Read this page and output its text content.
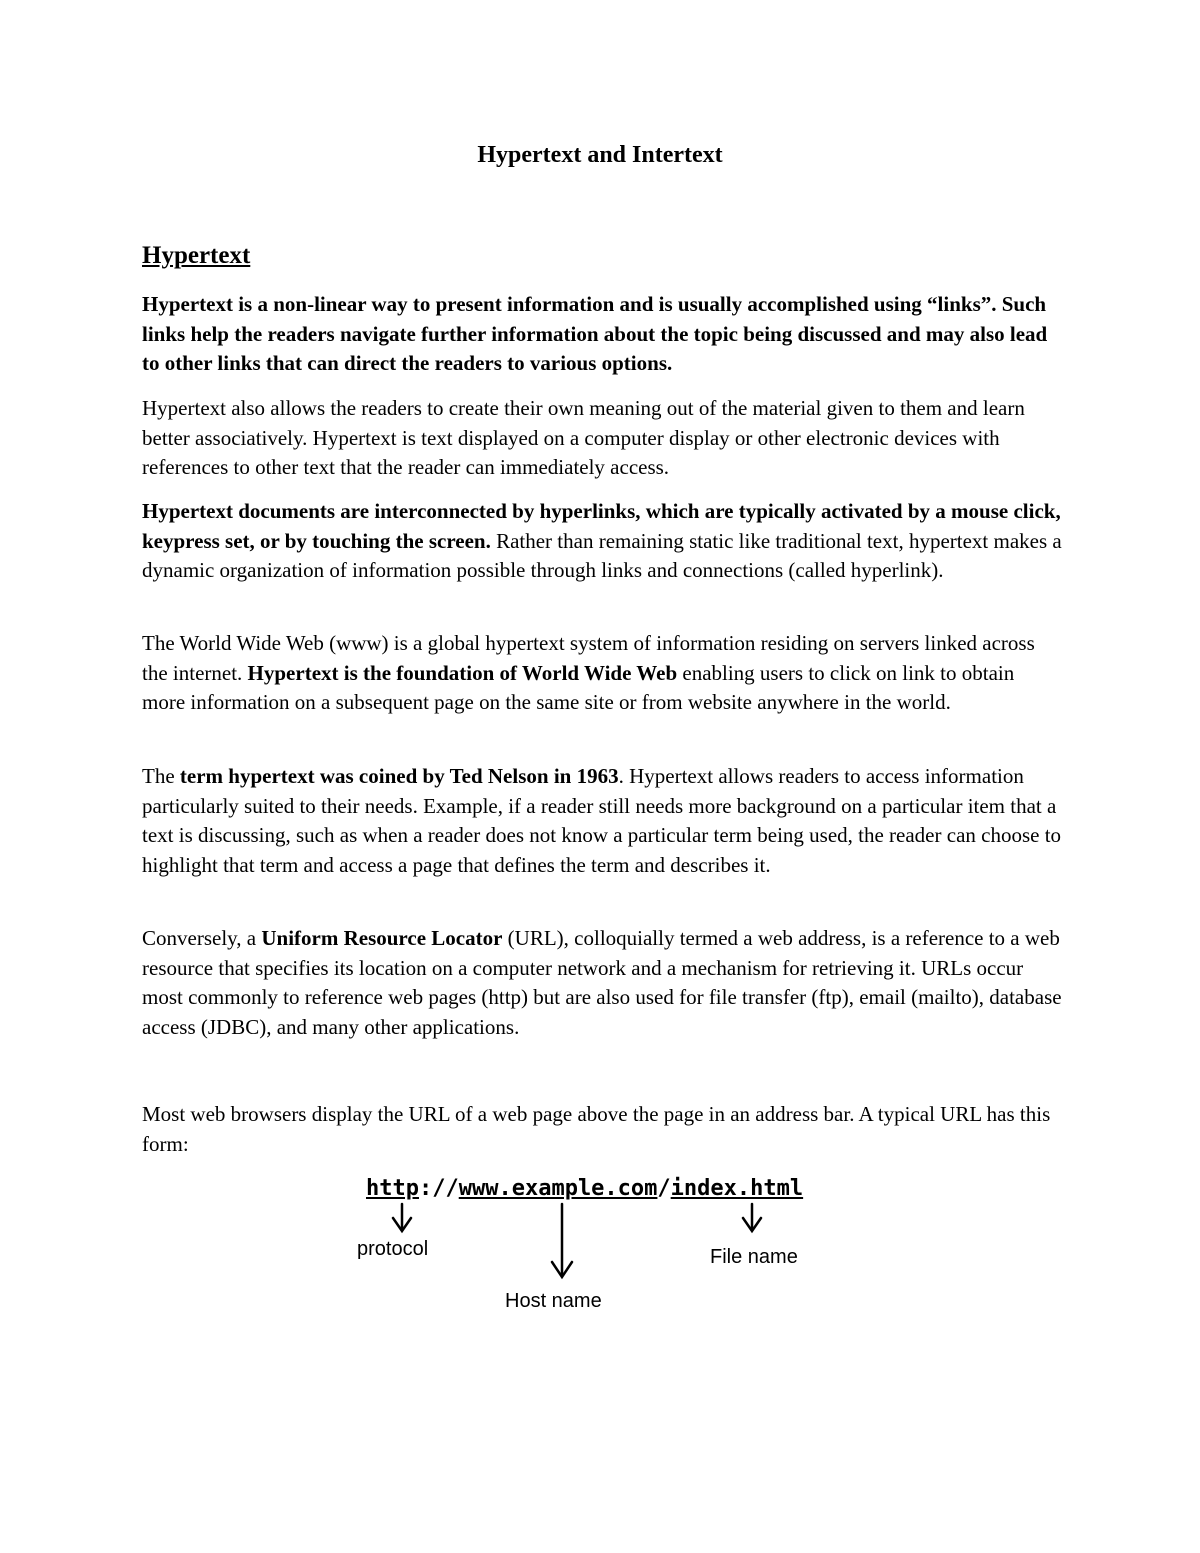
Hypertext and Intertext
Hypertext

Hypertext is a non-linear way to present information and is usually accomplished using “links”. Such links help the readers navigate further information about the topic being discussed and may also lead to other links that can direct the readers to various options.

Hypertext also allows the readers to create their own meaning out of the material given to them and learn better associatively. Hypertext is text displayed on a computer display or other electronic devices with references to other text that the reader can immediately access.

Hypertext documents are interconnected by hyperlinks, which are typically activated by a mouse click, keypress set, or by touching the screen. Rather than remaining static like traditional text, hypertext makes a dynamic organization of information possible through links and connections (called hyperlink).

The World Wide Web (www) is a global hypertext system of information residing on servers linked across the internet. Hypertext is the foundation of World Wide Web enabling users to click on link to obtain more information on a subsequent page on the same site or from website anywhere in the world.

The term hypertext was coined by Ted Nelson in 1963. Hypertext allows readers to access information particularly suited to their needs. Example, if a reader still needs more background on a particular item that a text is discussing, such as when a reader does not know a particular term being used, the reader can choose to highlight that term and access a page that defines the term and describes it.

Conversely, a Uniform Resource Locator (URL), colloquially termed a web address, is a reference to a web resource that specifies its location on a computer network and a mechanism for retrieving it. URLs occur most commonly to reference web pages (http) but are also used for file transfer (ftp), email (mailto), database access (JDBC), and many other applications.

Most web browsers display the URL of a web page above the page in an address bar. A typical URL has this form:

http://www.example.com/index.html
protocol	File name
Host name
